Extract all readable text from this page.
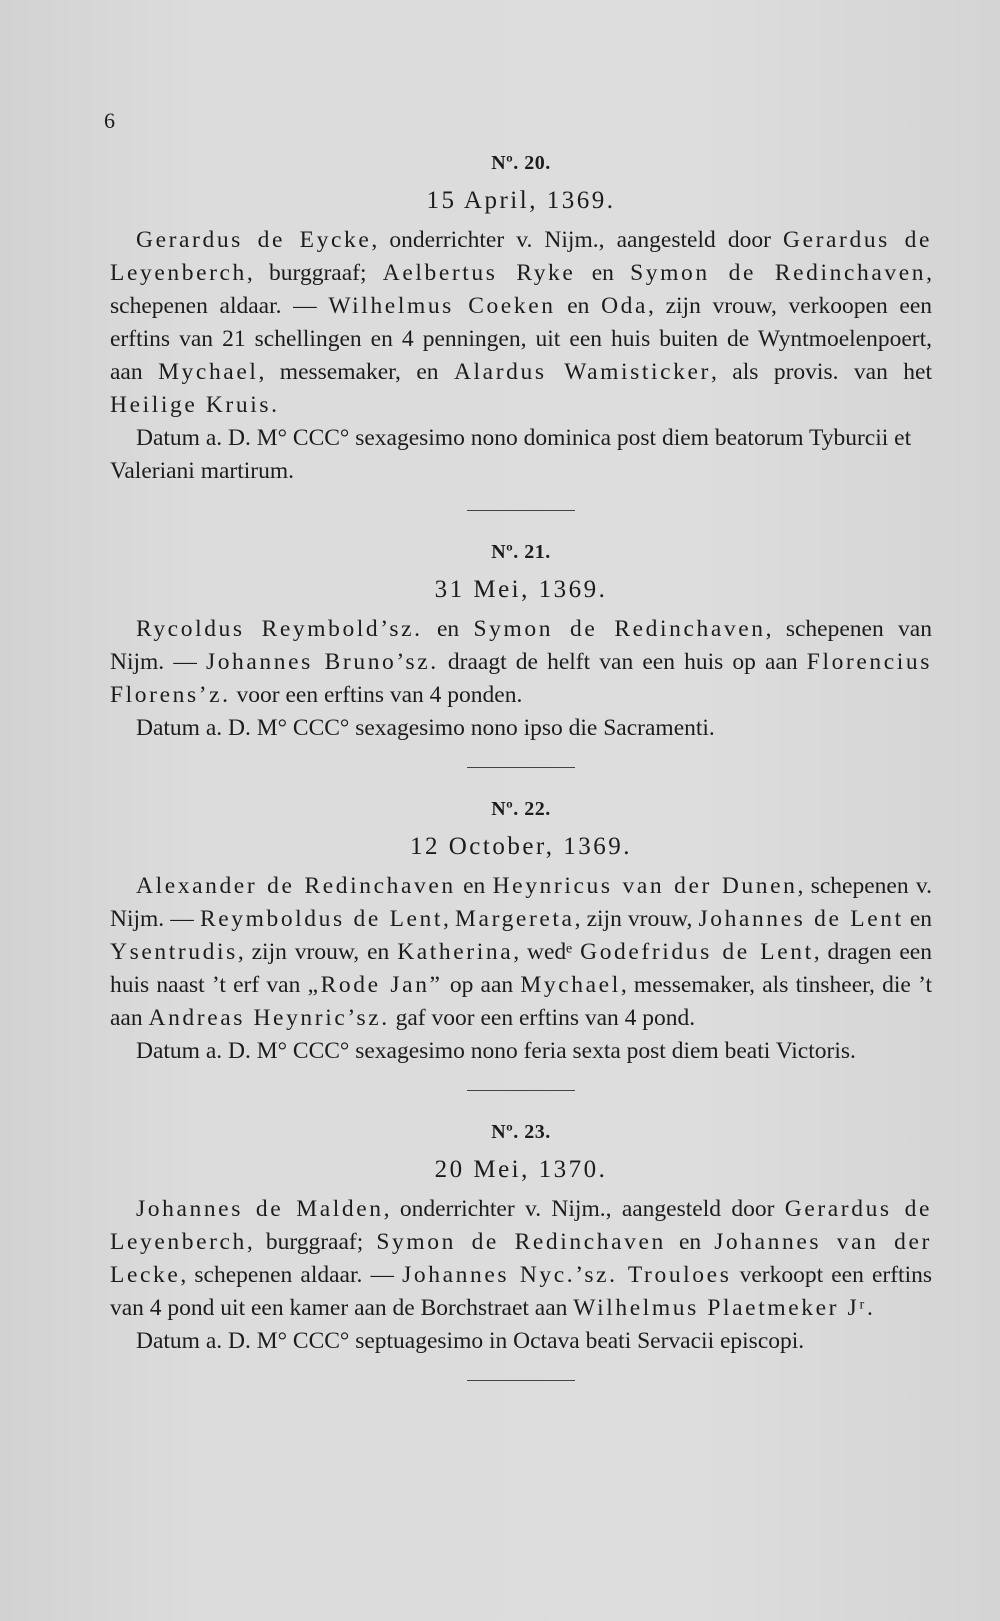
6
Nº. 20.
15 April, 1369.

Gerardus de Eycke, onderrichter v. Nijm., aangesteld door Gerardus de Leyenberch, burggraaf; Aelbertus Ryke en Symon de Redinchaven, schepenen aldaar. — Wilhelmus Coeken en Oda, zijn vrouw, verkoopen een erftins van 21 schellingen en 4 penningen, uit een huis buiten de Wyntmoelenpoert, aan Mychael, messemaker, en Alardus Wamisticker, als provis. van het Heilige Kruis.

Datum a. D. M° CCC° sexagesimo nono dominica post diem beatorum Tyburcii et Valeriani martirum.

Nº. 21.
31 Mei, 1369.

Rycoldus Reymbold’sz. en Symon de Redinchaven, schepenen van Nijm. — Johannes Bruno’sz. draagt de helft van een huis op aan Florencius Florens’z. voor een erftins van 4 ponden.

Datum a. D. M° CCC° sexagesimo nono ipso die Sacramenti.

Nº. 22.
12 October, 1369.

Alexander de Redinchaven en Heynricus van der Dunen, schepenen v. Nijm. — Reymboldus de Lent, Margereta, zijn vrouw, Johannes de Lent en Ysentrudis, zijn vrouw, en Katherina, wedᵉ Godefridus de Lent, dragen een huis naast ’t erf van „Rode Jan” op aan Mychael, messemaker, als tinsheer, die ’t aan Andreas Heynric’sz. gaf voor een erftins van 4 pond.

Datum a. D. M° CCC° sexagesimo nono feria sexta post diem beati Victoris.

Nº. 23.
20 Mei, 1370.

Johannes de Malden, onderrichter v. Nijm., aangesteld door Gerardus de Leyenberch, burggraaf; Symon de Redinchaven en Johannes van der Lecke, schepenen aldaar. — Johannes Nyc.’sz. Trouloes verkoopt een erftins van 4 pond uit een kamer aan de Borchstraet aan Wilhelmus Plaetmeker Jʳ.

Datum a. D. M° CCC° septuagesimo in Octava beati Servacii episcopi.
